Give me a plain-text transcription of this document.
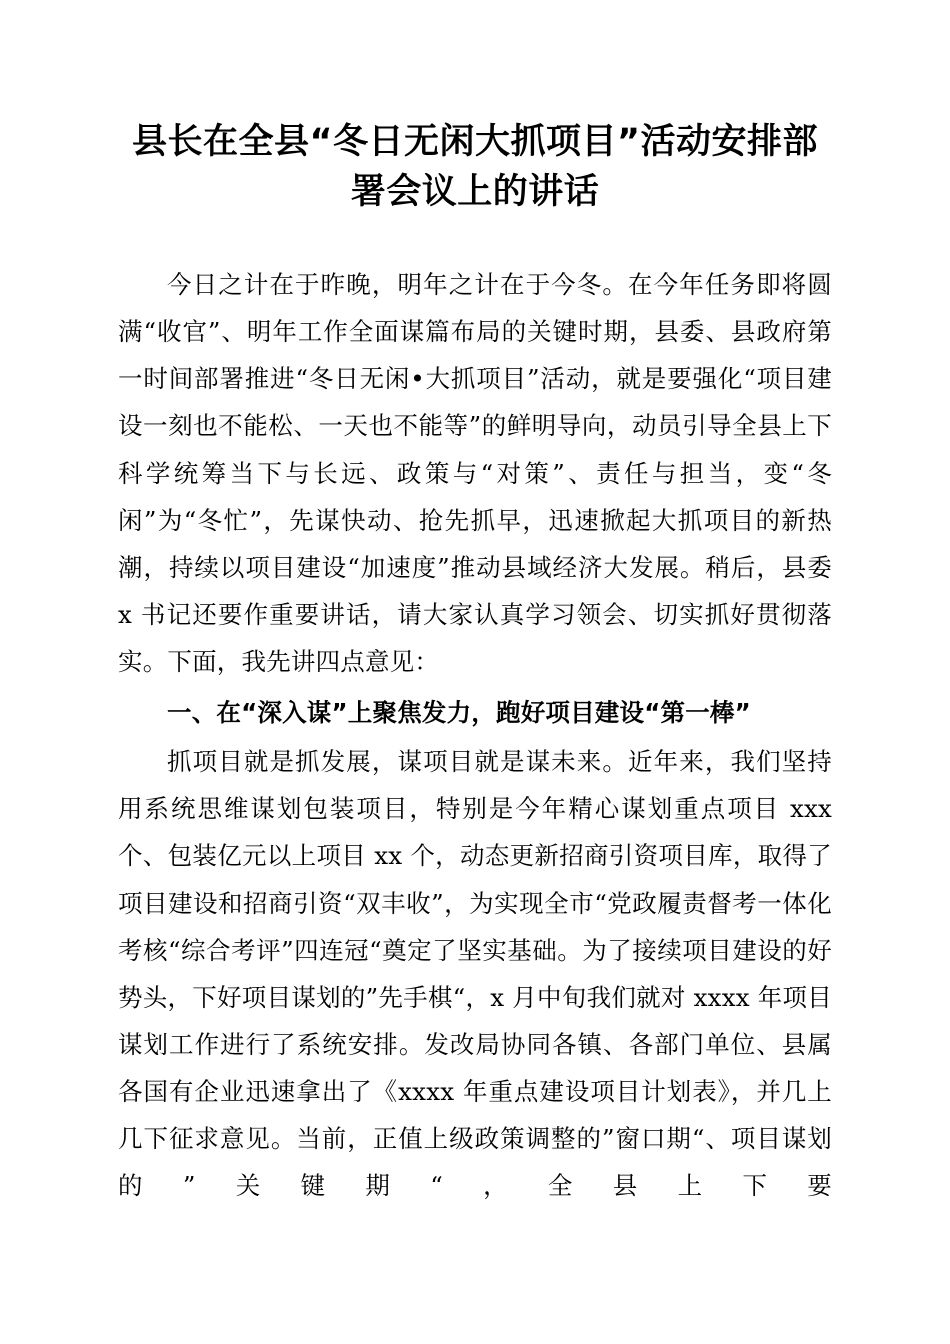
县长在全县“冬日无闲大抓项目”活动安排部署会议上的讲话

今日之计在于昨晚，明年之计在于今冬。在今年任务即将圆满“收官”、明年工作全面谋篇布局的关键时期，县委、县政府第一时间部署推进“冬日无闲•大抓项目”活动，就是要强化“项目建设一刻也不能松、一天也不能等”的鲜明导向，动员引导全县上下科学统筹当下与长远、政策与“对策”、责任与担当，变“冬闲”为“冬忙”，先谋快动、抢先抓早，迅速掀起大抓项目的新热潮，持续以项目建设“加速度”推动县域经济大发展。稍后，县委 x 书记还要作重要讲话，请大家认真学习领会、切实抓好贯彻落实。下面，我先讲四点意见：

一、在“深入谋”上聚焦发力，跑好项目建设“第一棒”

抓项目就是抓发展，谋项目就是谋未来。近年来，我们坚持用系统思维谋划包装项目，特别是今年精心谋划重点项目 xxx 个、包装亿元以上项目 xx 个，动态更新招商引资项目库，取得了项目建设和招商引资“双丰收”，为实现全市“党政履责督考一体化考核“综合考评”四连冠“奠定了坚实基础。为了接续项目建设的好势头，下好项目谋划的”先手棋“，x 月中旬我们就对 xxxx 年项目谋划工作进行了系统安排。发改局协同各镇、各部门单位、县属各国有企业迅速拿出了《xxxx 年重点建设项目计划表》，并几上几下征求意见。当前，正值上级政策调整的”窗口期“、项目谋划的”关键期“，全县上下要
